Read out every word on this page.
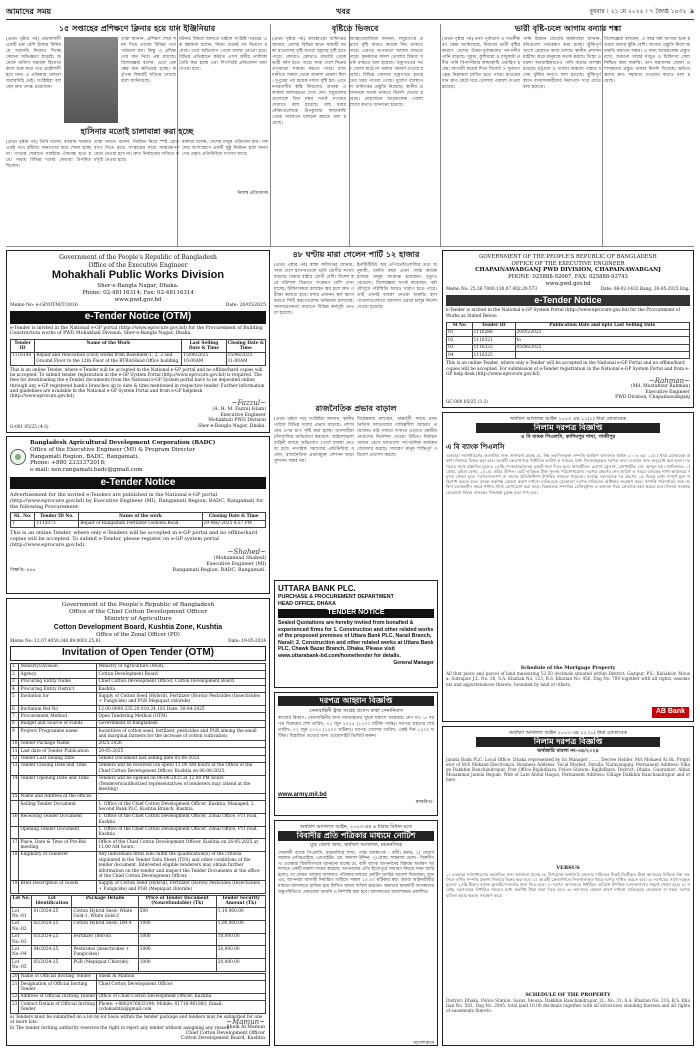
আমাদের সময়	খবর	বুধবার । ২১ মে ২০২৫ । ৭ জ্যৈষ্ঠ ১৪৩২ ৯
১৫ সপ্তাহের প্রশিক্ষণে ক্লিনার হয়ে যান ইঞ্জিনিয়ার
(প্রথম পৃষ্ঠার পর) প্রভাবশালী একটি চক্র বেশি টাকার বিনিময়ে সরাসরি নিয়োগ দিচ্ছে কোনো অভিজ্ঞতা ছাড়াই। অনেকে অফিস সহায়ক হিসেবে কাজ শুরু করে পরে প্রকৌশলী হয়ে যান। এ প্রক্রিয়ায় কোনো জবাবদিহি নেই। সংশ্লিষ্টরা বলছেন দ্রুত তদন্ত প্রয়োজন।
তারা জানান, প্রশিক্ষণ শেষে সনদ দিয়ে তাদের বিভিন্ন পদে পাঠানো হয়। কিন্তু এ প্রশিক্ষণের মান নিয়ে প্রশ্ন রয়েছে। বিশেষজ্ঞরা বলেন, এতে প্রকল্পের মান ক্ষতিগ্রস্ত হচ্ছে। কর্তৃপক্ষ বিষয়টি খতিয়ে দেখছে বলে জানিয়েছে।
ঘটনার বিষয়ে জানতে চাইলে সংশ্লিষ্ট দপ্তরের এক কর্মকর্তা বলেন, নিয়ম মেনেই সব নিয়োগ হয়েছে। তবে অভিযোগ পেলে ব্যবস্থা নেওয়া হবে। বিভিন্ন প্রতিষ্ঠানে কর্মরত এসব কর্মীর তালিকা তৈরি করা হচ্ছে এবং শিগগিরই প্রতিবেদন জমা দেওয়া হবে।
হাসিনার মতোই চালাবান্না করা হচ্ছে
(প্রথম পৃষ্ঠার পর) তিনি বলেন, বর্তমান সরকার একই পথে হাঁটছে। জনগণের কথা শোনা হচ্ছে না। গণতন্ত্র ফেরাতে সবাইকে ঐক্যবদ্ধ হতে হবে। সভায় বিভিন্ন দলের নেতারা উপস্থিত ছিলেন।
তারা আরও বলেন, নির্বাচন নিয়ে স্পষ্ট রোডম্যাপ দিতে হবে। সংস্কারের নামে সময়ক্ষেপণ মেনে নেওয়া হবে না। দ্রুত নির্বাচনের দাবিতে কর্মসূচি দেওয়া হবে।
বক্তারা বলেন, দেশের মানুষ পরিবর্তন চায়। সকলের অংশগ্রহণে একটি সুষ্ঠু নির্বাচন হলে জনগণের প্রকৃত প্রতিনিধিরা সংসদে যাবে।
নিজস্ব প্রতিবেদক
বৃষ্টিতে ভিজবে
(প্রথম পৃষ্ঠার পর) আবহাওয়া অধিদপ্তর জানায়, দেশের বিভিন্ন স্থানে অস্থায়ী দমকা হাওয়াসহ বৃষ্টি অথবা বজ্রসহ বৃষ্টি হতে পারে। কোথাও কোথাও মাঝারি থেকে ভারী বর্ষণ হতে পারে। সারা দেশে দিনের তাপমাত্রা সামান্য কমতে পারে। রাজধানীতে সকাল থেকে আকাশ মেঘলা ছিল। দুপুরের পর কয়েক দফায় বৃষ্টি হয়। এতে নগরবাসীর স্বস্তি ফিরলেও অনেক এলাকায় জলাবদ্ধতা দেখা দেয়। সমুদ্রবন্দরগুলোকে তিন নম্বর সতর্ক সংকেত দেখাতে বলা হয়েছে। মাছ ধরার নৌকাগুলোকে উপকূলের কাছাকাছি থেকে সাবধানে চলাচল করতে বলা হয়েছে।
আবহাওয়াবিদরা জানান, লঘুচাপের প্রভাবে বৃষ্টি আরও কয়েক দিন থাকতে পারে। এরপর তাপমাত্রা আবার বাড়তে পারে। কৃষকদের ফসল তোলার বিষয়ে সতর্ক থাকতে বলা হয়েছে। বজ্রপাতের সময় খোলা মাঠে না থাকার পরামর্শ দেওয়া হয়েছে। বিভিন্ন জেলায় বজ্রপাতে হতাহতের খবর পাওয়া গেছে। দুর্যোগ ব্যবস্থাপনা অধিদপ্তর প্রস্তুতি নিয়েছে। স্থানীয় প্রশাসনকে সতর্ক থাকতে নির্দেশ দেওয়া হয়েছে। প্রয়োজনে আশ্রয়কেন্দ্র খোলা রাখার কথাও জানানো হয়েছে।
ভারী বৃষ্টি-ঢলে আগাম বন্যার শঙ্কা
(প্রথম পৃষ্ঠার পর) বন্যা পূর্বাভাস ও সতর্কীকরণ কেন্দ্র জানিয়েছে, উজানে ভারী বৃষ্টির কারণে দেশের উত্তর-পূর্বাঞ্চলের নদ-নদীর পানি বাড়ছে। সুরমা, কুশিয়ারা ও যাদুকাটা নদীর পানি বিপদসীমার কাছাকাছি প্রবাহিত হচ্ছে। আগামী কয়েক দিনে সিলেট ও সুনামগঞ্জের নিম্নাঞ্চল প্লাবিত হতে পারে। হাওরের ধান দ্রুত কেটে ঘরে তোলার পরামর্শ দেওয়া হয়েছে।
পানি উন্নয়ন বোর্ডের কর্মকর্তারা জানান, বাঁধগুলো পর্যবেক্ষণ করা হচ্ছে। ঝুঁকিপূর্ণ অংশে মেরামত কাজ চলছে। স্থানীয় প্রশাসন মাইকিং করে মানুষকে সতর্ক করছে। তিস্তা ও ধরলা অববাহিকাতেও পানি বাড়ার আশঙ্কা রয়েছে। চট্টগ্রাম ও পার্বত্য অঞ্চলে পাহাড় ধসের ঝুঁকির কথাও বলা হয়েছে। ঝুঁকিপূর্ণ স্থানে বসবাসকারীদের নিরাপদে সরে যেতে বলা হয়েছে।
বিশেষজ্ঞরা বলছেন, এ বছর বর্ষা আগাম শুরু হওয়ায় বন্যার ঝুঁকি বেশি। আগাম প্রস্তুতি নিলে ক্ষয়ক্ষতি কমানো সম্ভব। এ জন্য আশ্রয়কেন্দ্র প্রস্তুত রাখা, শুকনো খাবার মজুত ও চিকিৎসা সেবা নিশ্চিত করা জরুরি। ত্রাণ মন্ত্রণালয় জেলা প্রশাসকদের প্রস্তুত থাকার নির্দেশ দিয়েছে। ক্ষতিগ্রস্তদের দ্রুত সহায়তা দেওয়ার কথাও বলা হয়েছে।
Government of the People's Republic of Bangladesh
Office of the Executive Engineer
Mohakhali Public Works Division
Sher-e-Bangla Nagar, Dhaka.
Phone: 02-48116314; Fax: 02-48116314
www.pwd.gov.bd
Memo No: e-GP/OTM/T/3016	Date: 20/05/2025
e-Tender Notice (OTM)
e-Tender is invited in the National e-GP portal (http://www.eprocure.gov.bd) for the Procurement of Building Construction works of PWD Mohakhali Division, Sher-e-Bangla Nagar, Dhaka.
Tender ID	Name of the Work	Last Selling Date & Time	Closing Date & Time
1116108	Repair and renovation (civil) works from Basement-1, 2, 3 and Ground Floor to the 12th Floor of the BTRA/Head Office building.	15/06/2025 10:00AM	15/06/2025 11:00AM
This is an online Tender, where e-Tender will be accepted in the National e-GP portal and no offline/hard copies will be accepted. To submit tender registration in the e-GP System Portal (http://www.eprocure.gov.bd) is required. The fees for downloading the e-Tender documents from the National e-GP System portal have to be deposited online through any e-GP registered bank's branches up to date & time mentioned in respective tender. Further information and guidelines are available in the National e-GP System Portal and from e-GP helpdesk (http://www.eprocure.gov.bd).
~Fazzul~
(A. H. M. Fazzul Islam)
Executive Engineer
Mohakhali PWD Division
Sher-e-Bangla Nagar, Dhaka.
G-001 05/25 (4-3)
৪৮ ঘণ্টায় মারা গেলেন পার্টি ১২ হাজার
(প্রথম পৃষ্ঠার পর) স্বাস্থ্য অধিদপ্তর জানায়, সারা দেশে হাসপাতালে ভর্তি রোগীর সংখ্যা বাড়ছে। ঢাকার বাইরে রোগী বেশি। বিশেষ করে বরিশাল বিভাগে সংক্রমণ বেশি দেখা যাচ্ছে। চিকিৎসকরা বলছেন জ্বর হলে দ্রুত পরীক্ষা করাতে হবে। মশার প্রজনন স্থল ধ্বংস করতে সিটি করপোরেশন অভিযান চালাচ্ছে। জনসচেতনতা বাড়াতে বিভিন্ন কর্মসূচি নেওয়া হয়েছে।
ইনস্টিটিউট অব এপিডেমিওলজির তথ্য অনুযায়ী, চলতি বছর এখন পর্যন্ত কয়েক হাজার মানুষ আক্রান্ত হয়েছেন। মৃত্যুও বেড়েছে। বিশেষজ্ঞরা সতর্ক করেছেন, বর্ষা মৌসুমে পরিস্থিতি আরও খারাপ হতে পারে। তাই এখনই ব্যবস্থা নেওয়া জরুরি। হাসপাতালগুলোতে আলাদা ওয়ার্ড চালুর নির্দেশ দেওয়া হয়েছে।
রাজনৈতিক প্রভাব বাড়াল
(প্রথম পৃষ্ঠার পর) সংশ্লিষ্টরা জানান, স্থানীয় পর্যায়ে বিভিন্ন দলের প্রভাব বাড়ছে। প্রশাসনের ওপর চাপ সৃষ্টি করা হচ্ছে। ব্যবসায়ীরা চাঁদাবাজির অভিযোগ করছেন। আইনশৃঙ্খলা বাহিনী বলছে অভিযোগ পেলে ব্যবস্থা নেওয়া হবে। নাগরিক সমাজের প্রতিনিধিরা বলেন, রাজনৈতিক প্রভাবমুক্ত প্রশাসন ছাড়া সুশাসন সম্ভব নয়।
বিশ্লেষকরা বলছেন, অন্তর্বর্তী সময়ে রাজনৈতিক দলগুলোর দায়িত্বশীল আচরণ প্রয়োজন। মাঠ পর্যায়ে সংঘাত এড়াতে কেন্দ্রীয় নেতাদের নির্দেশনা দেওয়া উচিত। নির্বাচন সামনে রেখে দলগুলো সাংগঠনিক কার্যক্রম জোরদার করছে। সাধারণ মানুষ শান্তিপূর্ণ পরিবেশ প্রত্যাশা করছে।
GOVERNMENT OF THE PEOPLE'S REPUBLIC OF BANGLADESH
OFFICE OF THE EXECUTIVE ENGINEER
CHAPAINAWABGANJ PWD DIVISION, CHAPAINAWABGANJ
PHONE: 025888-92067, FAX: 025888-93743
www.pwd.gov.bd
Memo No: 25.36.7000.130.07.002.20-573	Date: 06-02-1432 Bang. 20-05-2025 Eng.
e-Tender Notice
e-Tender is invited in the National e-GP System Portal (http://www.eprocure.gov.bd) for the Procurement of Works as Stated Below:
Sl No	Tender ID	Publication Date and upto Last Selling Date
01	1116288	20/05/2025
02	1116321	to
03	1116323	05/06/2025
04	1116325	
This is an online Tender, where only e-Tender will be accepted in the National e-GP Portal and no offline/hard copies will be accepted. For submission of e-Tender registration in the National e-GP System Portal and from e-GP help desk (http://www.eprocure.gov.bd).
~Rahman~
(Md. Mustafizur Rahman)
Executive Engineer
PWD Division, Chapainawabganj
GC-000 05/25 (3-3)
অর্থঋণ আদালত আইন ২০০৩ এর ১২(১) ধারা মোতাবেক
নিলাম দরপত্র বিজ্ঞপ্তি
এ বি ব্যাংক পিএলসি, কাশিমপুর শাখা, গাজীপুর
এ বি ব্যাংক পিএলসি
এতদ্বারা সর্বসাধারণের অবগতির জন্য জানানো যাচ্ছে যে, নিম্ন তফসিলভুক্ত সম্পত্তি অর্থঋণ আদালত আইন ২০০৩ এর ১২(১) ধারা মোতাবেক প্রকাশ্য নিলামে বিক্রয় করা হবে। আগ্রহী ক্রেতাগণকে নির্ধারিত তারিখ ও সময়ের মধ্যে সিলমোহরকৃত দরপত্র জমা দেওয়ার জন্য অনুরোধ করা হলো। দরপত্রের সাথে প্রস্তাবিত মূল্যের ২৫% পে-অর্ডার/ব্যাংক ড্রাফট জমা দিতে হবে। ঋণগ্রহীতা: মেসার্স ট্রেডার্স, প্রোপাইটর: মো. আব্দুল হক। জামিনদার: ১) মোছা. রহিমা বেগম, ২) মো. করিম উদ্দিন। মোট দাবিকৃত টাকা সুদসহ পরিশোধযোগ্য। দরপত্র গ্রহণের শেষ তারিখ ও সময়ে ব্যাংকের শাখা কার্যালয়ে দরপত্র খোলা হবে। দরপত্রদাতাগণ বা তাদের প্রতিনিধিগণ উপস্থিত থাকতে পারবেন। সর্বোচ্চ দরদাতাকে দর গ্রহণের ১৫ দিনের মধ্যে সম্পূর্ণ মূল্য পরিশোধ করতে হবে। ব্যাংক কর্তৃপক্ষ কোনো কারণ দর্শানো ব্যতিরেকে যেকোনো দরপত্র বাতিলের অধিকার সংরক্ষণ করে। সম্পত্তি পরিদর্শনের জন্য অফিস চলাকালীন সময়ে শাখার সাথে যোগাযোগ করা যাবে। বিক্রয়লব্ধ সম্পত্তির রেজিস্ট্রেশন ও অন্যান্য খরচ ক্রেতাকে বহন করতে হবে। নিলাম সংক্রান্ত যেকোনো বিষয়ে ব্যাংকের সিদ্ধান্তই চূড়ান্ত বলে গণ্য হবে।
Schedule of the Mortgage Property
All that piece and parcel of land measuring 52.50 decimals situated within District: Gazipur, P.S.: Kaliakoir, Mouza: Sutrapur, J.L. No. 28, S.A. Khatian No. 123, R.S. Khatian No. 456, Dag No. 789 together with all rights, easements and appurtenances thereto, bounded by land of others.
AB Bank
Bangladesh Agricultural Development Corporation (BADC)
Office of the Executive Engineer (MI) & Program Director
Rangamati Region, BADC, Rangamati.
Phone: +880 2333372018;
e-mail: xen.rangamati.badc@gmail.com
e-Tender Notice
Advertisement for the invited e-Tenders are published in the National e-GP portal (http://www.eprocure.gov.bd) by Executive Engineer (MI), Rangamati Region, BADC, Rangamati for the following Procurement-
SL. No.	Tender ID No.	Name of the work	Closing Date & Time
1	1115073	Repair of Rangamati Fertilizer Godown Road.	29-May-2025 4:57 PM
This is an online Tender, where only e-Tenders will be accepted in e-GP portal and no offline/hard copies will be accepted. To submit e-Tender, please register on e-GP system portal (http://www.eprocure.gov.bd).
বিজ্ঞপ্তি- ৪৪৬
~Shahed~
(Mohammad Shahed)
Executive Engineer (MI)
Rangamati Region, BADC, Rangamati.
UTTARA BANK PLC.
PURCHASE & PROCUREMENT DEPARTMENT
HEAD OFFICE, DHAKA
TENDER NOTICE
Sealed Quotations are hereby invited from bonafied & experienced firms for 1. Construction and other related works of the proposed premises of Uttara Bank PLC, Narail Branch, Narail; 2. Construction and other related works at Uttara Bank PLC, Chawk Bazar Branch, Dhaka. Please visit www.uttarabank-bd.com/home/tender for details.
General Manager
Government of the People's Republic of Bangladesh
Office of the Chief Cotton Development Officer
Ministry of Agriculture
Cotton Development Board, Kushtia Zone, Kushtia
Office of the Zonal Officer (PD)
Memo No: 12.07.4050.340.89.0001.25.61	Date: 19-05-2024
Invitation of Open Tender (OTM)
1	Ministry/Division	Ministry of Agriculture (MoA).
2	Agency	Cotton Development Board
3	Procuring Entity Name	Chief Cotton Development Officer, Cotton Development Board
4	Procuring Entity District	Kushtia
5	Invitation for	Supply of Cotton Seed (Hybrid), Fertilizer (Boron) Pesticides (Insecticides + Fungicide) and PGR Mepiquat chloride)
6	Invitation Ref No	12.00.0000.335.20.010.24.181 Date: 30-04-2025
7	Procurement Method	Open Tendering Method (OTM)
8	Budget and Source of Funds	Government of Bangladesh
9	Project/ Programme name	Incentives of cotton seed, fertilizer, pesticides and PGR among the small and marginal farmers for the increase of cotton cultivation
10	Tender Package Name	2025-2026
11	Last date of Tender Publication	20-05-2025
12	Tender Last Selling Date	Tender Document last selling date 05-06-2025
13	Tender Closing Date and Time	Tenders will be received (on open) 11.00 AM hours at the Office of the Chief Cotton Development Officer, Kushtia on 06-06-2025.
14	Tender Opening Date and Time	Tenders will be opened on 06-06-2025 at 12.00 PM hours (Tenderers/authorized representatives of tenderers may attend at the meeting)
15	Name and Address of the offices	
	Selling Tender Document	1. Office of the Chief Cotton Development Officer, Kushtia, Managed; 2. Second Bank PLC, Kushtia Branch, Kushtia.
16	Receiving Tender Document	1. Office of the Chief Cotton Development Officer, Zonal Office, PTI road, Kushtia
	Opening Tender Document	1. Office of the Chief Cotton Development Officer, Zonal Office, PTI road, Kushtia
17	Place, Date & Time of Pre-Bid meeting	Office of the Chief Cotton Development Officer, Kushtia on 26-05-2025 at 11.00 AM hours.
18	Eligibility of Tenderer	Any individuals firms who fulfill the qualification(s) of the criteria stipulated in the Tender Data Sheet (TDS) and other conditions of the tender document. Interested eligible tenderers may obtain further information on the tender and inspect the Tender Documents at the office of the Chief Cotton Development Officer.
19	Brief Description of Goods	Supply of Cotton Seed (Hybrid), Fertilizer (Boron) Pesticides (Insecticides + Fungicide) and PGR (Mepiquat chloride)
Lot No.	Lot Identification	Package Details	Price of Tender Document (Nonrefundable) (Tk)	Tender Security Amount (Tk)
Lot No.-01	01/2024-25	Cotton Hybrid Seed: White Gold-1, White Gold-2	500	1,10,000.00
Lot No.-02	02/2024-25	Cotton Hybrid Seed: DM-4	1000	1,00,000.00
Lot No.-03	03/2024-25	Fertilizer (Boron)	1000	10,000.00
Lot No.-04	04/2024-25	Pesticides (Insecticides + Fungicides)	1000	20,000.00
Lot No.-05	05/2024-25	PGR (Mepiquat Chloride)	1000	20,000.00
20	Name of Official Inviting Tender	Sheik Al Mamun
21	Designation of Official Inviting Tender	Chief Cotton Development Officer
22	Address of Official Inviting Tender	Office of Chief Cotton Development Officer, Kushtia
23	Contact Details of Official Inviting Tender	Phone: +8802476833194; Mobile: 01716-961883; Email: ccdokushtia@gmail.com
a) Tenders must be submitted on a lot-by-lot basis within the tender package and tenders may be submitted for one or more lots.
b) The tender inviting authority reserves the right to reject any tender without assigning any reason.
~Mamun~
Sheik Al Mamun
Chief Cotton Development Officer
Cotton Development Board, Kushtia
দরপত্র আহ্বান বিজ্ঞপ্তি
সেনাবাহিনী ট্রাক সংগ্রহ প্রসেস ঢাকা সেনানিবাস
কাজের বিবরণ: সেনাবাহিনীর জন্য যানবাহনের খুচরা যন্ত্রাংশ সরবরাহ। গ্রুপ নং: ১। দরপত্র বিক্রয়ের শেষ তারিখ: ০১ জুন ২০২৫ (১২০০ ঘটিকা পর্যন্ত)। দরপত্র গ্রহণের শেষ তারিখ: ০২ জুন ২০২৫ (১২০০ ঘটিকা)। দরপত্র খোলার তারিখ: একই দিন ১২৩০ ঘটিকা। বিস্তারিত তথ্যের জন্য ওয়েবসাইট ভিজিট করুন।
www.army.mil.bd
স্বাক্ষরিত/-
অর্থঋণ আদালত আইন, ২০০৩-এর ৬ ধারার বিধান মতে
বিবাদীর প্রতি পত্রিকার মাধ্যমে নোটিশ
যুগ্ম জেলা জজ, অর্থঋণ আদালত, ময়মনসিংহ
সোনালী ব্যাংক পিএলসি, ময়মনসিংহ শাখা, পক্ষে ব্যবস্থাপক - বাদী। বনাম: ১) মেসার্স জান্নাত এন্টারপ্রাইজ, প্রোপাইটর: মো. জামাল উদ্দিন; ২) মোছা. শাহনাজ বেগম - বিবাদীগণ। এতদ্বারা বিবাদীগণকে জানানো যাচ্ছে যে, বাদী ব্যাংক আপনাদের বিরুদ্ধে অর্থঋণ আদালতে একটি মামলা দায়ের করেছে। আপনাদের প্রতি ইতোপূর্বে সাধারণ নিয়মে সমন জারি হলেও তা ফেরত আসায় আদালত পত্রিকার মাধ্যমে নোটিশ জারির আদেশ দিয়েছেন। অতএব, আপনারা আগামী নির্ধারিত তারিখে সকাল ১০.৩০ ঘটিকায় স্বয়ং অথবা আইনজীবীর মাধ্যমে আদালতে হাজির হয়ে লিখিত জবাব দাখিল করবেন। অন্যথায় মামলাটি আপনাদের অনুপস্থিতিতে একতরফা শুনানি ও নিষ্পত্তি করা হবে। আদালতের আদেশক্রমে প্রকাশিত।
আদেশক্রমে
অর্থঋণ আদালত আইন ২০০৩ এর ১২ (১) ধারা মোতাবেক
নিলাম দরপত্র বিজ্ঞপ্তি
অর্থজারি মামলা নং-৩৪/২০২৪
Janata Bank PLC, Local Office, Dhaka represented by its Manager ........ Decree Holder. M/s Mokaed Al Sk, Proprietor of M/S Mokaed Electronics, Business Address: Vocal Market, Fatulla, Narayanganj; Permanent Address: Village Dakkhin Ranchandrapur, Post Office Rajibdhara, Police Station: Rajibdhara, District: Dhaka. Guarantor: Alhaz Mosammat Jamila Begum, Wife of Late Abdul Haque, Permanent Address: Village Dakkhin Ranchandrapur and others.
VERSUS
১। এতদ্বারা সর্বসাধারণের অবগতির জন্য জানানো যাচ্ছে যে, উপরোক্ত অর্থজারি মামলার দায়িকের নিকট ডিক্রীকৃত টাকা আদায়ের নিমিত্তে নিম্ন তফসিলে বর্ণিত সম্পত্তি প্রকাশ্য নিলামে বিক্রয় করা হবে। ২। আগ্রহী ক্রেতাগণকে সিলগালাকৃত খামে দরপত্র দাখিল করতে হবে। ৩। দরপত্রের সাথে দরকৃত মূল্যের ২৫% টাকার ব্যাংক ড্রাফট/পে-অর্ডার জমা দিতে হবে। ৪। দরপত্র আদালতে নির্ধারিত তারিখে উপস্থিত দরদাতাগণের সম্মুখে খোলা হবে। ৫। সর্বোচ্চ দরদাতাকে নির্ধারিত সময়ের মধ্যে অবশিষ্ট টাকা জমা দিতে হবে। ৬। আদালত কোনো কারণ দর্শানো ব্যতিরেকে যেকোনো বা সকল দরপত্র বাতিল করার ক্ষমতা সংরক্ষণ করে।
SCHEDULE OF THE PROPERTY
District: Dhaka, Police Station: Savar, Mouza: Dakkhin Ranchandrapur, J.L. No. 31, S.A. Khatian No. 216, R.S. Khatian No. 583, Dag No. 2045, total land 10.00 decimals together with all structures standing thereon and all rights of easements thereto.
